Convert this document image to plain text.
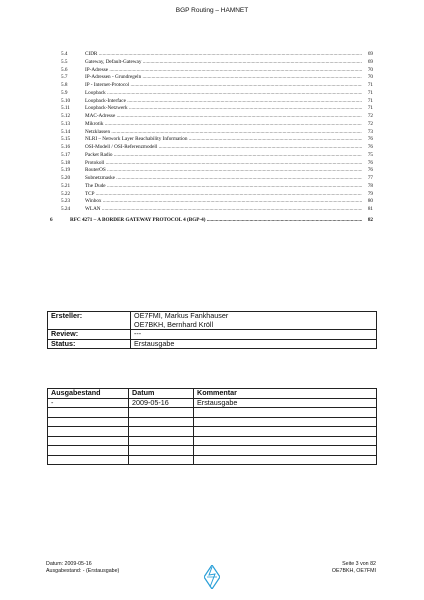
BGP Routing – HAMNET
5.4	CIDR .....	69
5.5	Gateway, Default-Gateway .....	69
5.6	IP-Adresse .....	70
5.7	IP-Adressen - Grundregeln .....	70
5.8	IP - Internet-Protocol .....	71
5.9	Loopback .....	71
5.10	Loopback-Interface .....	71
5.11	Loopback-Netzwerk .....	71
5.12	MAC-Adresse .....	72
5.13	Mikrotik .....	72
5.14	Netzklassen .....	73
5.15	NLRI – Network Layer Reachability Information .....	76
5.16	OSI-Modell / OSI-Referenzmodell .....	76
5.17	Packet Radio .....	75
5.18	Protokoll .....	76
5.19	RouterOS .....	76
5.20	Subnetzmaske .....	77
5.21	The Dude .....	78
5.22	TCP .....	79
5.23	Winbox .....	80
5.24	WLAN .....	81
6	RFC 4271 – A BORDER GATEWAY PROTOCOL 4 (BGP-4) .....	82
Ersteller:	OE7FMI, Markus Fankhauser
OE7BKH, Bernhard Kröll

Review:	---
Status:	Erstausgabe
Ausgabestand	Datum	Kommentar
-	2009-05-16	Erstausgabe

Datum: 2009-05-16
Ausgabestand: - (Erstausgabe)
Seite 3 von 82
OE7BKH, OE7FMI
